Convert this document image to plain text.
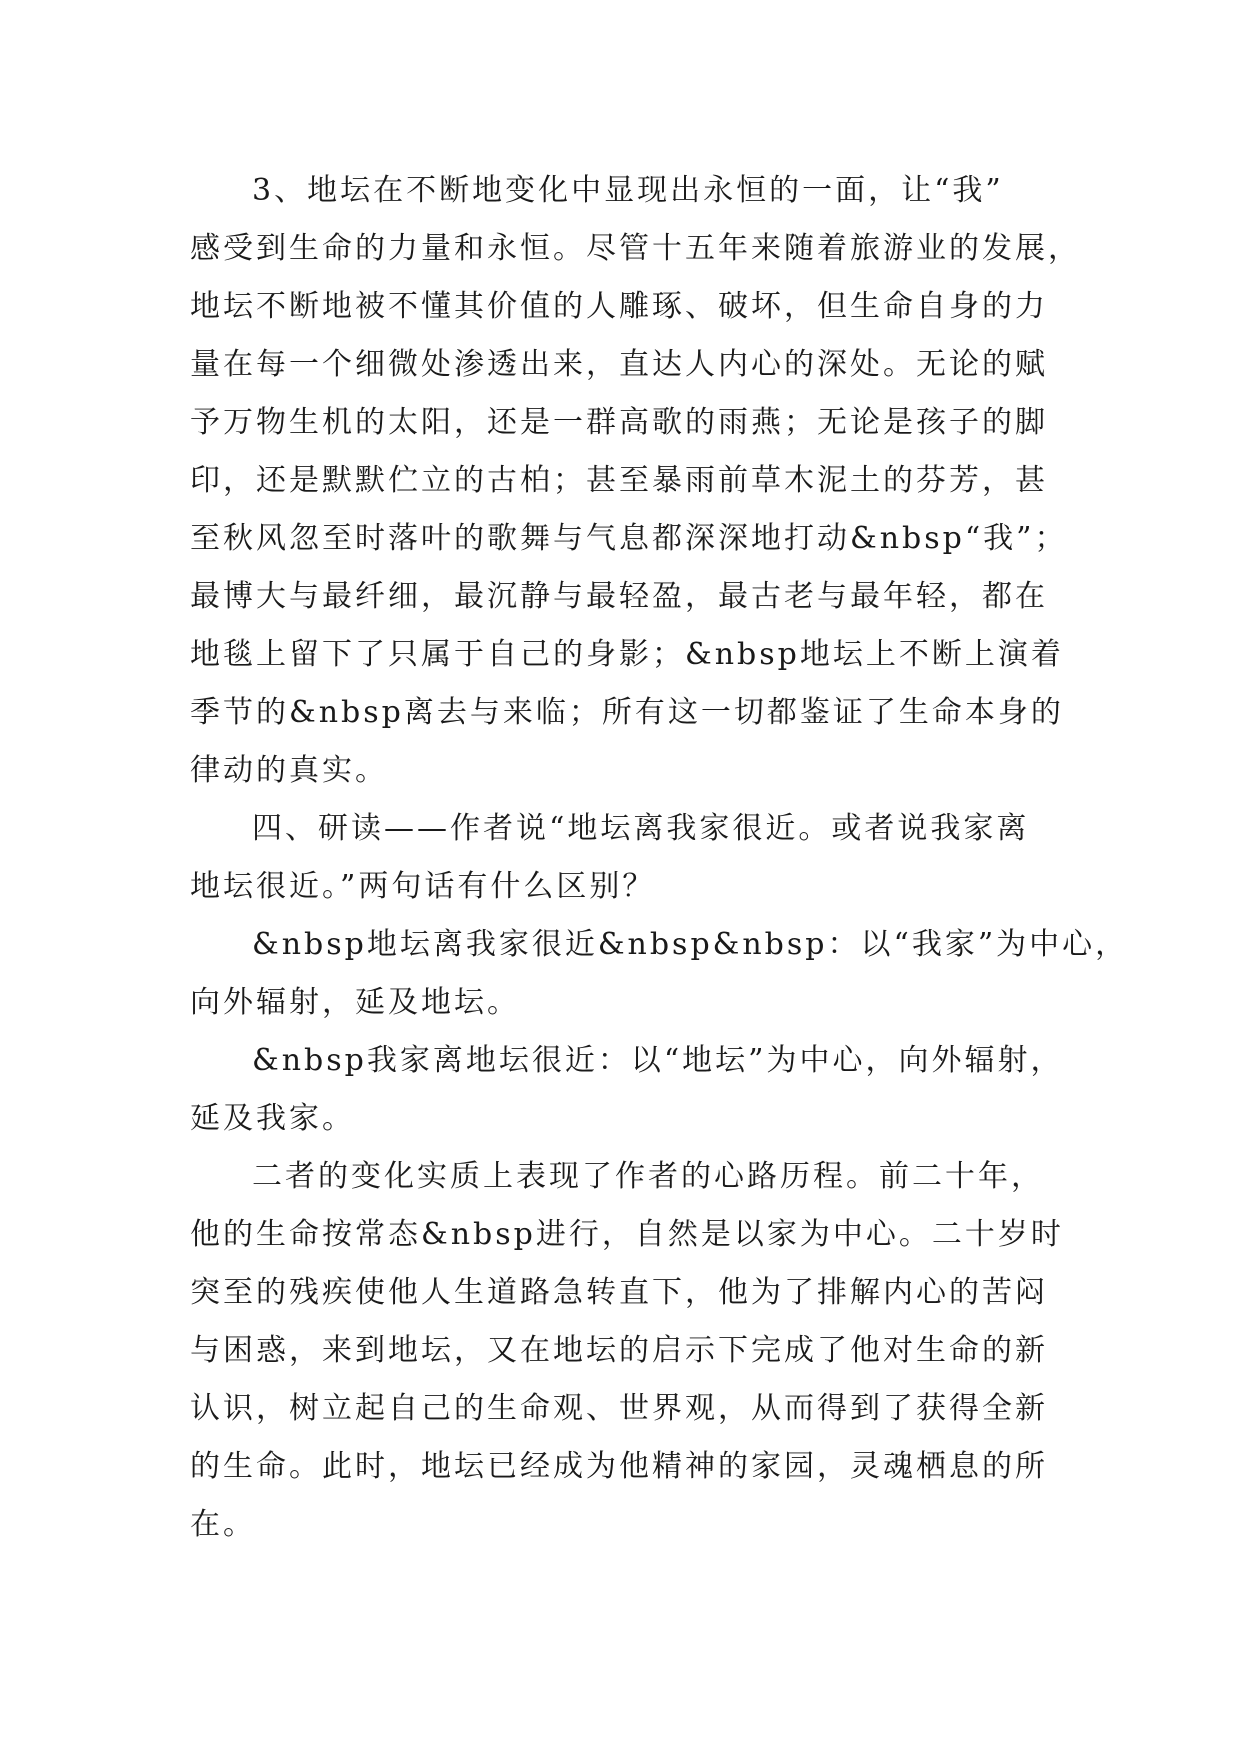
3、地坛在不断地变化中显现出永恒的一面，让“我”
感受到生命的力量和永恒。尽管十五年来随着旅游业的发展，
地坛不断地被不懂其价值的人雕琢、破坏，但生命自身的力
量在每一个细微处渗透出来，直达人内心的深处。无论的赋
予万物生机的太阳，还是一群高歌的雨燕；无论是孩子的脚
印，还是默默伫立的古柏；甚至暴雨前草木泥土的芬芳，甚
至秋风忽至时落叶的歌舞与气息都深深地打动&nbsp“我”；
最博大与最纤细，最沉静与最轻盈，最古老与最年轻，都在
地毯上留下了只属于自己的身影；&nbsp地坛上不断上演着
季节的&nbsp离去与来临；所有这一切都鉴证了生命本身的
律动的真实。
四、研读——作者说“地坛离我家很近。或者说我家离
地坛很近。”两句话有什么区别？
&nbsp地坛离我家很近&nbsp&nbsp：以“我家”为中心，
向外辐射，延及地坛。
&nbsp我家离地坛很近：以“地坛”为中心，向外辐射，
延及我家。
二者的变化实质上表现了作者的心路历程。前二十年，
他的生命按常态&nbsp进行，自然是以家为中心。二十岁时
突至的残疾使他人生道路急转直下，他为了排解内心的苦闷
与困惑，来到地坛，又在地坛的启示下完成了他对生命的新
认识，树立起自己的生命观、世界观，从而得到了获得全新
的生命。此时，地坛已经成为他精神的家园，灵魂栖息的所
在。
